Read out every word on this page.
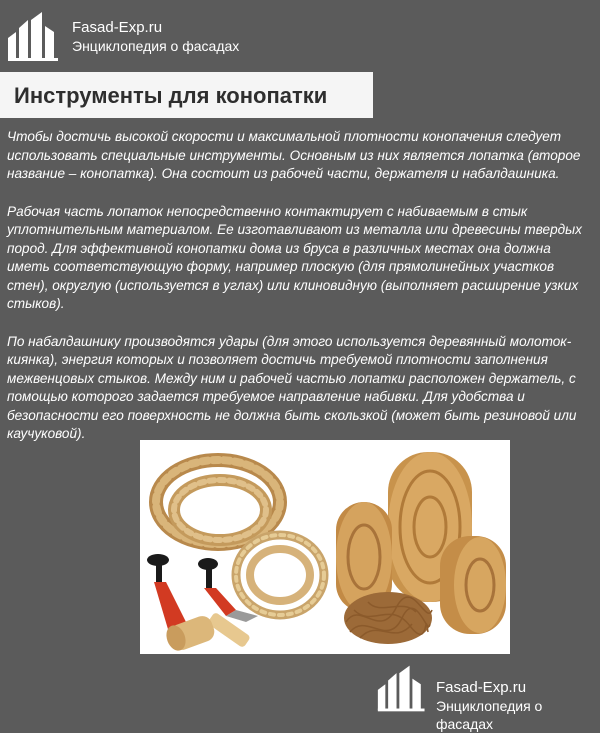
Fasad-Exp.ru
Энциклопедия о фасадах
Инструменты для конопатки

Чтобы достичь высокой скорости и максимальной плотности конопачения следует использовать специальные инструменты. Основным из них является лопатка (второе название – конопатка). Она состоит из рабочей части, держателя и набалдашника.

Рабочая часть лопаток непосредственно контактирует с набиваемым в стык уплотнительным материалом. Ее изготавливают из металла или древесины твердых пород. Для эффективной конопатки дома из бруса в различных местах она должна иметь соответствующую форму, например плоскую (для прямолинейных участков стен), округлую (используется в углах) или клиновидную (выполняет расширение узких стыков).

По набалдашнику производятся удары (для этого используется деревянный молоток-киянка), энергия которых и позволяет достичь требуемой плотности заполнения межвенцовых стыков. Между ним и рабочей частью лопатки расположен держатель, с помощью которого задается требуемое направление набивки. Для удобства и безопасности его поверхность не должна быть скользкой (может быть резиновой или каучуковой).

Fasad-Exp.ru
Энциклопедия о фасадах
